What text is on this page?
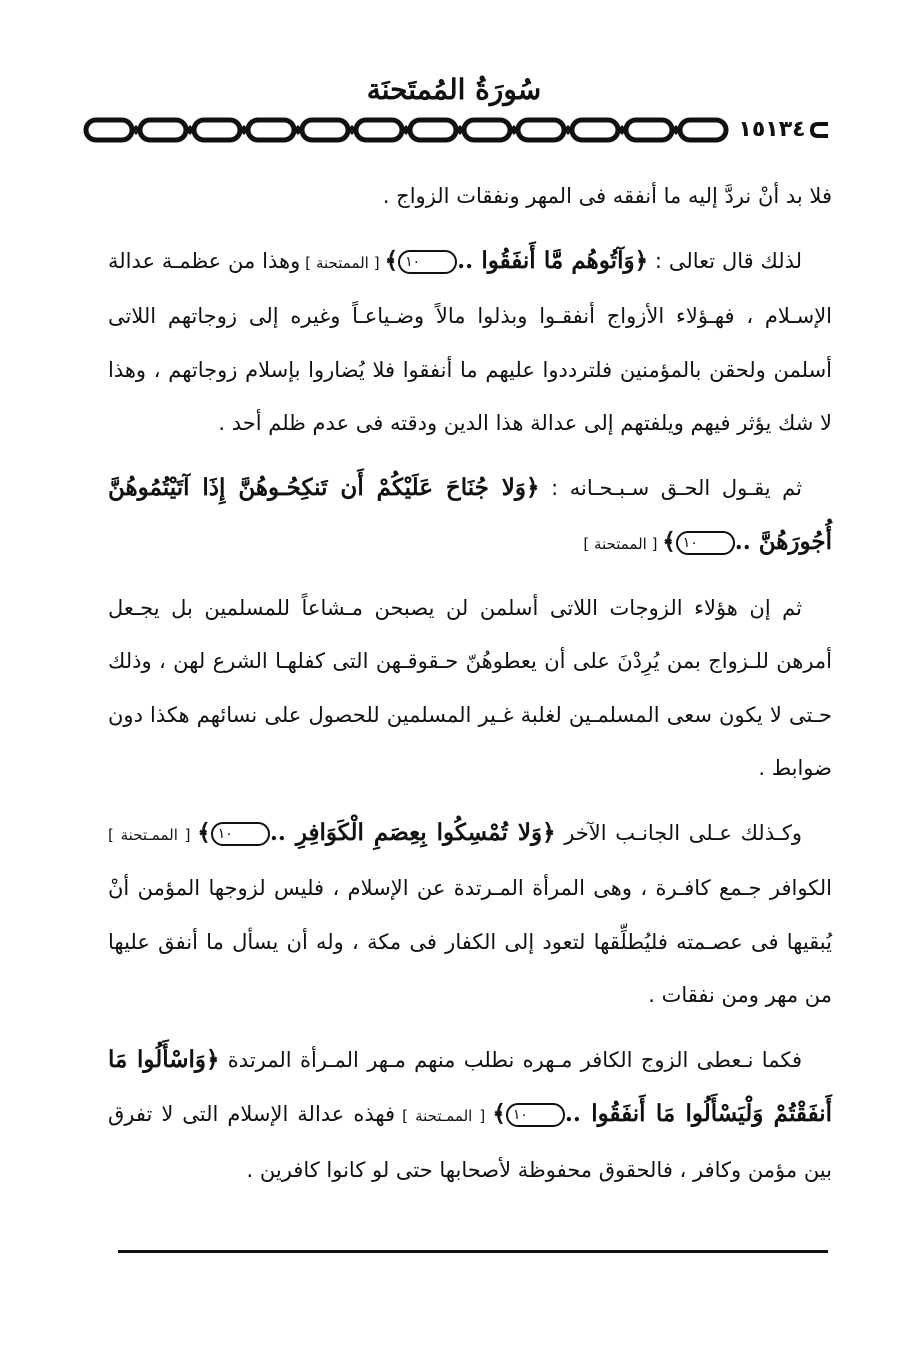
سُورَةُ المُمتَحنَة
١٥١٣٤

فلا بد أنْ نردَّ إليه ما أنفقه فى المهر ونفقات الزواج .

لذلك قال تعالى : ﴿وَآتُوهُم مَّا أَنفَقُوا ..١٠﴾ [ الممتحنة ] وهذا من عظمـة عدالة الإسـلام ، فهـؤلاء الأزواج أنفقـوا وبذلوا مالاً وضـياعـاً وغيره إلى زوجاتهم اللاتى أسلمن ولحقن بالمؤمنين فلترددوا عليهم ما أنفقوا فلا يُضاروا بإسلام زوجاتهم ، وهذا لا شك يؤثر فيهم ويلفتهم إلى عدالة هذا الدين ودقته فى عدم ظلم أحد .

ثم يقـول الحـق سـبـحـانه : ﴿وَلا جُنَاحَ عَلَيْكُمْ أَن تَنكِحُـوهُنَّ إِذَا آتَيْتُمُوهُنَّ أُجُورَهُنَّ ..١٠﴾ [ الممتحنة ]

ثم إن هؤلاء الزوجات اللاتى أسلمن لن يصبحن مـشاعاً للمسلمين بل يجـعل أمرهن للـزواج بمن يُرِدْنَ على أن يعطوهُنّ حـقوقـهن التى كفلهـا الشرع لهن ، وذلك حـتى لا يكون سعى المسلمـين لغلبة غـير المسلمين للحصول على نسائهم هكذا دون ضوابط .

وكـذلك عـلى الجانـب الآخر ﴿وَلا تُمْسِكُوا بِعِصَمِ الْكَوَافِرِ ..١٠﴾ [ الممـتحنة ] الكوافر جـمع كافـرة ، وهى المرأة المـرتدة عن الإسلام ، فليس لزوجها المؤمن أنْ يُبقيها فى عصـمته فليُطلِّقها لتعود إلى الكفار فى مكة ، وله أن يسأل ما أنفق عليها من مهر ومن نفقات .

فكما نـعطى الزوج الكافر مـهره نطلب منهم مـهر المـرأة المرتدة ﴿وَاسْأَلُوا مَا أَنفَقْتُمْ وَلْيَسْأَلُوا مَا أَنفَقُوا ..١٠﴾ [ الممـتحنة ] فهذه عدالة الإسلام التى لا تفرق بين مؤمن وكافر ، فالحقوق محفوظة لأصحابها حتى لو كانوا كافرين .
